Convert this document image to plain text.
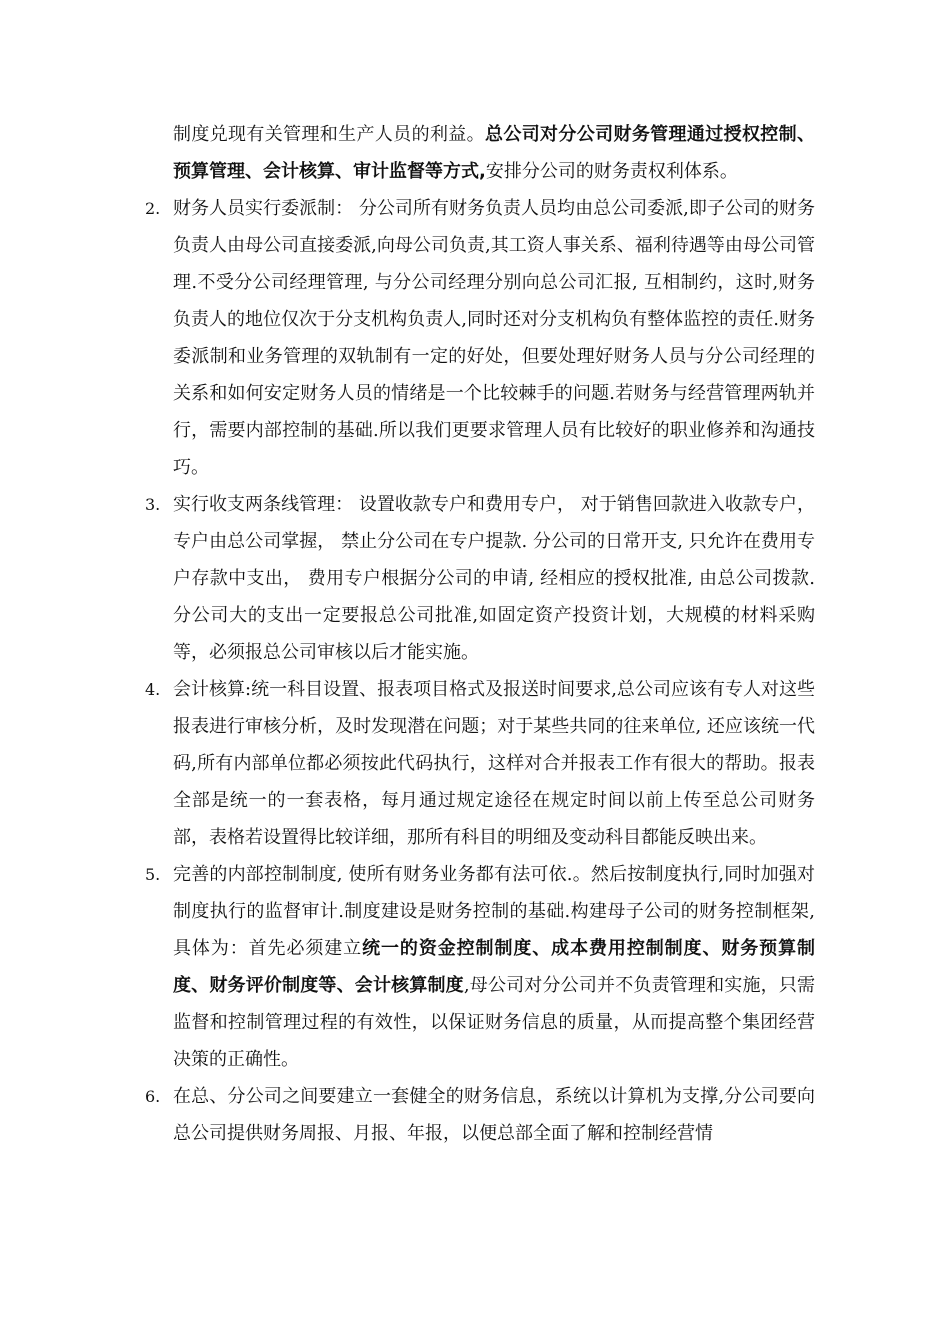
制度兑现有关管理和生产人员的利益。总公司对分公司财务管理通过授权控制、预算管理、会计核算、审计监督等方式,安排分公司的财务责权利体系。
2. 财务人员实行委派制： 分公司所有财务负责人员均由总公司委派,即子公司的财务负责人由母公司直接委派,向母公司负责,其工资人事关系、福利待遇等由母公司管理.不受分公司经理管理, 与分公司经理分别向总公司汇报, 互相制约，这时,财务负责人的地位仅次于分支机构负责人,同时还对分支机构负有整体监控的责任.财务委派制和业务管理的双轨制有一定的好处，但要处理好财务人员与分公司经理的关系和如何安定财务人员的情绪是一个比较棘手的问题.若财务与经营管理两轨并行，需要内部控制的基础.所以我们更要求管理人员有比较好的职业修养和沟通技巧。
3. 实行收支两条线管理： 设置收款专户和费用专户， 对于销售回款进入收款专户， 专户由总公司掌握， 禁止分公司在专户提款. 分公司的日常开支, 只允许在费用专户存款中支出， 费用专户根据分公司的申请, 经相应的授权批准, 由总公司拨款.分公司大的支出一定要报总公司批准,如固定资产投资计划，大规模的材料采购等，必须报总公司审核以后才能实施。
4. 会计核算:统一科目设置、报表项目格式及报送时间要求,总公司应该有专人对这些报表进行审核分析，及时发现潜在问题；对于某些共同的往来单位, 还应该统一代码,所有内部单位都必须按此代码执行，这样对合并报表工作有很大的帮助。报表全部是统一的一套表格，每月通过规定途径在规定时间以前上传至总公司财务部，表格若设置得比较详细，那所有科目的明细及变动科目都能反映出来。
5. 完善的内部控制制度, 使所有财务业务都有法可依.。然后按制度执行,同时加强对制度执行的监督审计.制度建设是财务控制的基础.构建母子公司的财务控制框架,具体为：首先必须建立统一的资金控制制度、成本费用控制制度、财务预算制度、财务评价制度等、会计核算制度,母公司对分公司并不负责管理和实施，只需监督和控制管理过程的有效性，以保证财务信息的质量，从而提高整个集团经营决策的正确性。
6. 在总、分公司之间要建立一套健全的财务信息，系统以计算机为支撑,分公司要向总公司提供财务周报、月报、年报，以便总部全面了解和控制经营情
